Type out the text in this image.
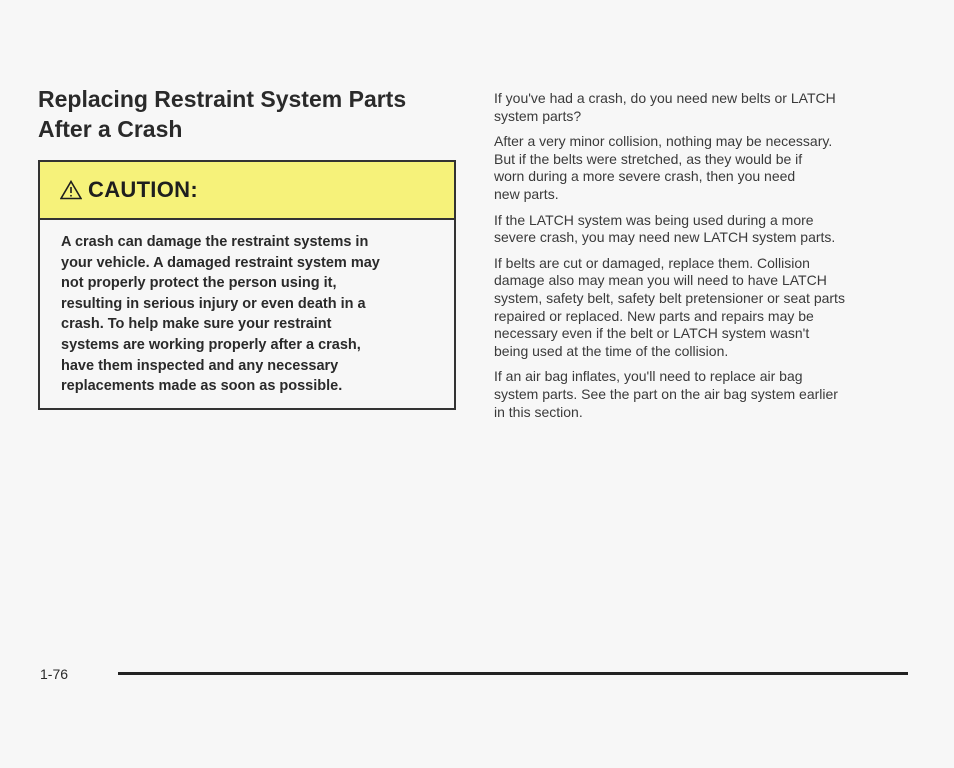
Replacing Restraint System Parts
After a Crash
CAUTION:

A crash can damage the restraint systems in
your vehicle. A damaged restraint system may
not properly protect the person using it,
resulting in serious injury or even death in a
crash. To help make sure your restraint
systems are working properly after a crash,
have them inspected and any necessary
replacements made as soon as possible.

If you've had a crash, do you need new belts or LATCH
system parts?

After a very minor collision, nothing may be necessary.
But if the belts were stretched, as they would be if
worn during a more severe crash, then you need
new parts.

If the LATCH system was being used during a more
severe crash, you may need new LATCH system parts.

If belts are cut or damaged, replace them. Collision
damage also may mean you will need to have LATCH
system, safety belt, safety belt pretensioner or seat parts
repaired or replaced. New parts and repairs may be
necessary even if the belt or LATCH system wasn't
being used at the time of the collision.

If an air bag inflates, you'll need to replace air bag
system parts. See the part on the air bag system earlier
in this section.

1-76
